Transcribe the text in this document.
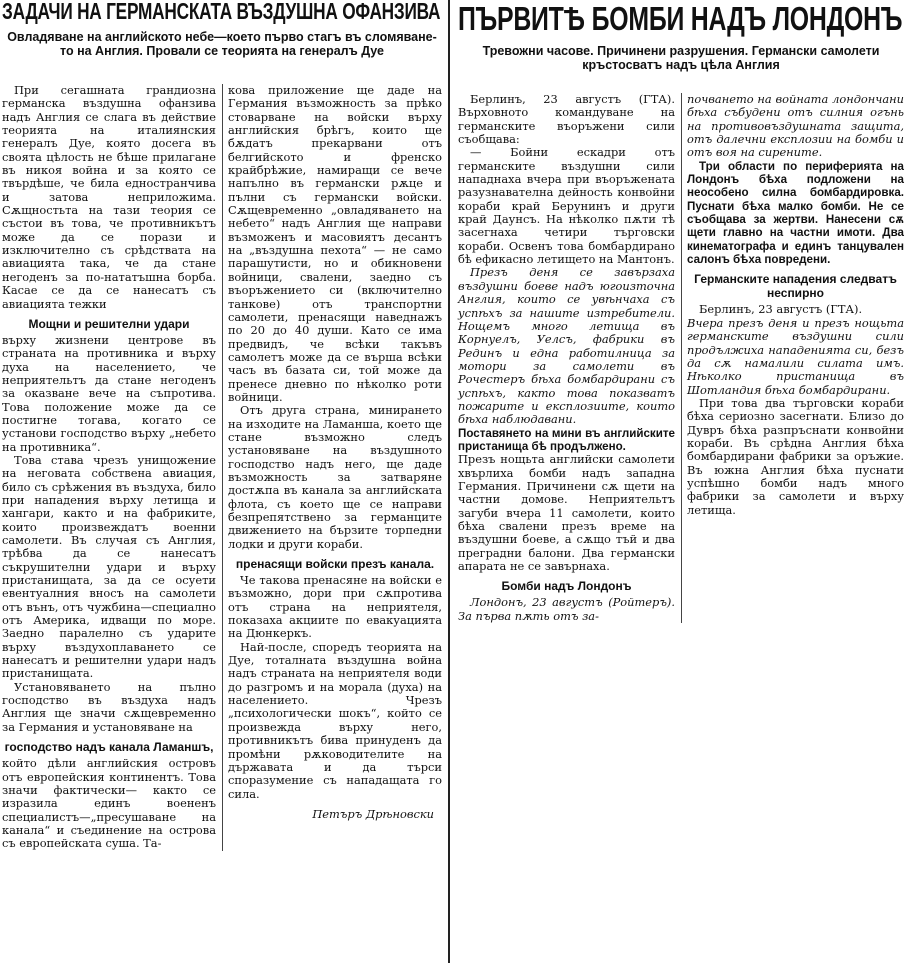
ЗАДАЧИ НА ГЕРМАНСКАТА ВЪЗДУШНА ОФАНЗИВА
Овладяване на английското небе—което първо стагъ въ сломяване-то на Англия. Провали се теорията на генералъ Дуе

При сегашната грандиозна германска въздушна офанзива надъ Англия се слага въ действие теорията на италиянския генералъ Дуе, която досега въ своята цѣлость не бѣше прилагане въ никоя война и за която се твърдѣше, че била едностранчива и затова неприложима. Сѫщностьта на тази теория се състои въ това, че противникътъ може да се порази и изключително съ срѣдствата на авиацията така, че да стане негоденъ за по-нататъшна борба. Касае се да се нанесатъ съ авиацията тежки

Мощни и решителни удари

върху жизнени центрове въ страната на противника и върху духа на населението, че неприятельтъ да стане негоденъ за оказване вече на съпротива. Това положение може да се постигне тогава, когато се установи господство върху „небето на противника“.

Това става чрезъ унищожение на неговата собствена авиация, било съ срѣжения въ въздуха, било при нападения върху летища и хангари, както и на фабриките, които произвеждатъ военни самолети. Въ случая съ Англия, трѣбва да се нанесатъ съкрушителни удари и върху пристанищата, за да се осуети евентуалния вносъ на самолети отъ вънъ, отъ чужбина—специално отъ Америка, идващи по море. Заедно паралелно съ ударите върху въздухоплаването се нанесатъ и решителни удари надъ пристанищата.

Установяването на пълно господство въ въздуха надъ Англия ще значи сѫщевременно за Германия и установяване на

господство надъ канала Ламаншъ,

който дѣли английския островъ отъ европейския континентъ. Това значи фактически— както се изразила единъ воененъ специалистъ—„пресушаване на канала“ и съединение на острова съ европейската суша. Та-

кова приложение ще даде на Германия възможность за прѣко стоварване на войски върху английския брѣгъ, които ще бѫдатъ прекарвани отъ белгийското и френско крайбрѣжие, намиращи се вече напълно въ германски рѫце и пълни съ германски войски. Сѫщевременно „овладяването на небето“ надъ Англия ще направи възможенъ и масовиятъ десантъ на „въздушна пехота“ — не само парашутисти, но и обикновени войници, свалени, заедно съ въоръжението си (включително танкове) отъ транспортни самолети, пренасящи наведнажъ по 20 до 40 души. Като се има предвидъ, че всѣки такъвъ самолетъ може да се върша всѣки часъ въ базата си, той може да пренесе дневно по нѣколко роти войници.

Отъ друга страна, минирането на изходите на Ламанша, което ще стане възможно следъ установяване на въздушното господство надъ него, ще даде възможность за затваряне достѫпа въ канала за английската флота, съ което ще се направи безпрепятствено за германците движението на бързите торпедни лодки и други кораби.

пренасящи войски презъ канала.

Че такова пренасяне на войски е възможно, дори при сѫпротива отъ страна на неприятеля, показаха акциите по евакуацията на Дюнкеркъ.

Най-после, споредъ теорията на Дуе, тоталната въздушна война надъ страната на неприятеля води до разгромъ и на морала (духа) на населението. Чрезъ „психологически шокъ“, който се произвежда върху него, противникътъ бива принуденъ да промѣни рѫководителите на държавата и да търси споразумение съ нападащата го сила.

Петъръ Дрѣновски
ПЪРВИТѢ БОМБИ НАДЪ ЛОНДОНЪ
Тревожни часове. Причинени разрушения. Германски самолети кръстосватъ надъ цѣла Англия

Берлинъ, 23 августъ (ГТА). Върховното командуване на германските въоръжени сили съобщава:

— Бойни ескадри отъ германските въздушни сили нападнаха вчера при въоръжената разузнавателна дейность конвойни кораби край Берунинъ и други край Даунсъ. На нѣколко пѫти тѣ засегнаха четири търговски кораби. Освенъ това бомбардирано бѣ ефикасно летището на Мантонъ.

Презъ деня се завързаха въздушни боеве надъ югоизточна Англия, които се увѣнчаха съ успѣхъ за нашите изтребители. Нощемъ много летища въ Корнуелъ, Уелсъ, фабрики въ Рединъ и една работилница за мотори за самолети въ Рочестеръ бѣха бомбардирани съ успѣхъ, както това показватъ пожарите и експлозиите, които бѣха наблюдавани.

Поставянето на мини въ английските пристанища бѣ продължено.

Презъ нощьта английски самолети хвърлиха бомби надъ западна Германия. Причинени сѫ щети на частни домове. Неприятельтъ загуби вчера 11 самолети, които бѣха свалени презъ време на въздушни боеве, а сѫщо тъй и два преградни балони. Два германски апарата не се завърнаха.

Бомби надъ Лондонъ

Лондонъ, 23 августъ (Ройтеръ). За първа пѫть отъ за-

почването на войната лондончани бѣха събудени отъ силния огънь на противовъздушната защита, отъ далечни експлозии на бомби и отъ воя на сирените.

Три области по периферията на Лондонъ бѣха подложени на неособено силна бомбардировка. Пуснати бѣха малко бомби. Не се съобщава за жертви. Нанесени сѫ щети главно на частни имоти. Два кинематографа и единъ танцувален салонъ бѣха повредени.

Германските нападения следватъ неспирно

Берлинъ, 23 августъ (ГТА).

Вчера презъ деня и презъ нощьта германските въздушни сили продължиха нападенията си, безъ да сѫ намалили силата имъ. Нѣколко пристанища въ Шотландия бѣха бомбардирани.

При това два търговски кораби бѣха сериозно засегнати. Близо до Дувръ бѣха разпръснати конвойни кораби. Въ срѣдна Англия бѣха бомбардирани фабрики за оръжие. Въ южна Англия бѣха пуснати успѣшно бомби надъ много фабрики за самолети и върху летища.
